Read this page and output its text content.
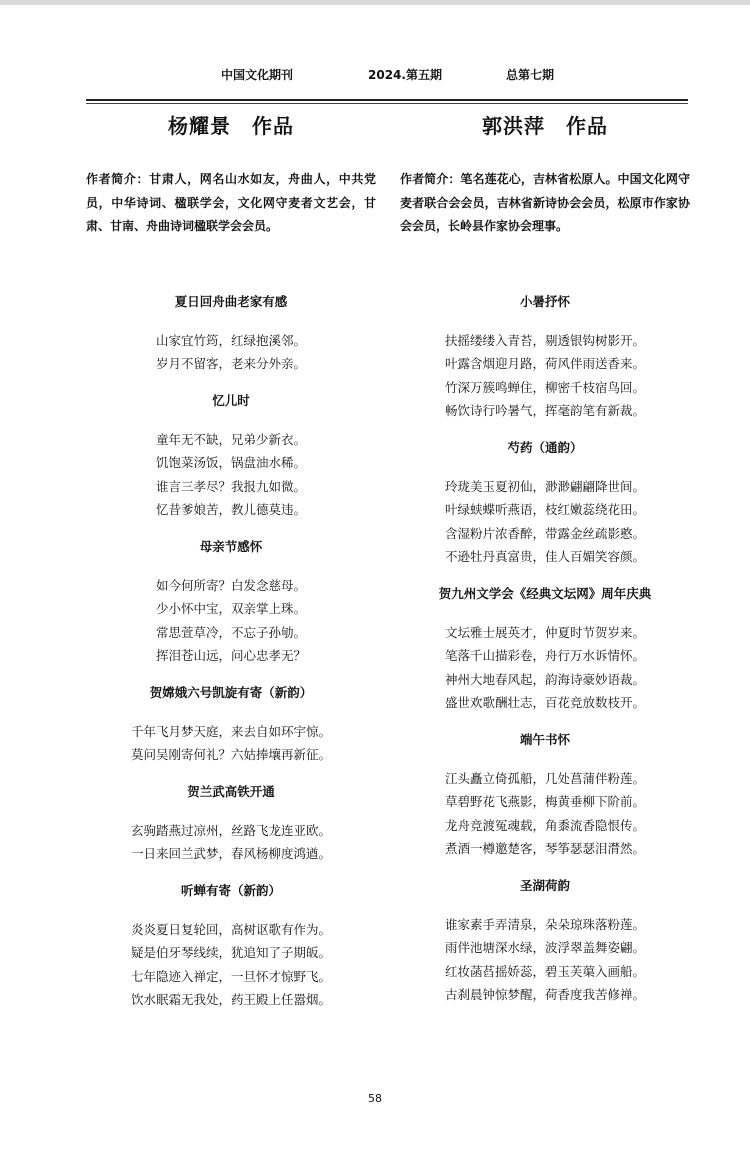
中国文化期刊	2024.第五期	总第七期
杨耀景　作品
作者简介：甘肃人，网名山水如友，舟曲人，中共党员，中华诗词、楹联学会，文化网守麦者文艺会，甘肃、甘南、舟曲诗词楹联学会会员。
夏日回舟曲老家有感
山家宜竹筠，红绿抱溪邻。
岁月不留客，老来分外亲。
忆儿时
童年无不缺，兄弟少新衣。
饥饱菜汤饭，锅盘油水稀。
谁言三孝尽？我报九如微。
忆昔爹娘苦，教儿德莫违。
母亲节感怀
如今何所寄？白发念慈母。
少小怀中宝，双亲掌上珠。
常思萱草冷，不忘子孙劬。
挥泪苍山远，问心忠孝无？
贺嫦娥六号凯旋有寄（新韵）
千年飞月梦天庭，来去自如环宇惊。
莫问吴刚寄何礼？六姑捧壤再新征。
贺兰武高铁开通
玄驹踏燕过凉州，丝路飞龙连亚欧。
一日来回兰武梦，春风杨柳度鸿遒。
听蝉有寄（新韵）
炎炎夏日复轮回，高树讴歌有作为。
疑是伯牙琴线续，犹追知了子期皈。
七年隐迹入禅定，一旦怀才惊野飞。
饮水眠霜无我处，药王殿上任嚣烟。
郭洪萍　作品
作者简介：笔名莲花心，吉林省松原人。中国文化网守麦者联合会会员，吉林省新诗协会会员，松原市作家协会会员，长岭县作家协会理事。
小暑抒怀
扶摇缕缕入青苔，剔透银钩树影开。
叶露含烟迎月路，荷风伴雨送香来。
竹深万簇鸣蝉住，柳密千枝宿鸟回。
畅饮诗行吟暑气，挥毫韵笔有新裁。
芍药（通韵）
玲珑美玉夏初仙，渺渺翩翩降世间。
叶绿蛱蝶听燕语，枝红嫩蕊绕花田。
含湿粉片浓香醉，带露金丝疏影憨。
不逊牡丹真富贵，佳人百媚笑容颜。
贺九州文学会《经典文坛网》周年庆典
文坛雅士展英才，仲夏时节贺岁来。
笔落千山描彩卷，舟行万水诉情怀。
神州大地春风起，韵海诗豪妙语裁。
盛世欢歌酬壮志，百花竞放数枝开。
端午书怀
江头矗立倚孤船，几处菖蒲伴粉莲。
草碧野花飞燕影，梅黄垂柳下阶前。
龙舟竞渡冤魂载，角黍流香隐恨传。
煮酒一樽邀楚客，琴筝瑟瑟泪潸然。
圣湖荷韵
谁家素手弄清泉，朵朵琼珠落粉莲。
雨伴池塘深水绿，波浮翠盖舞姿翩。
红妆菡萏摇娇蕊，碧玉芙蕖入画船。
古刹晨钟惊梦醒，荷香度我苦修禅。
58
